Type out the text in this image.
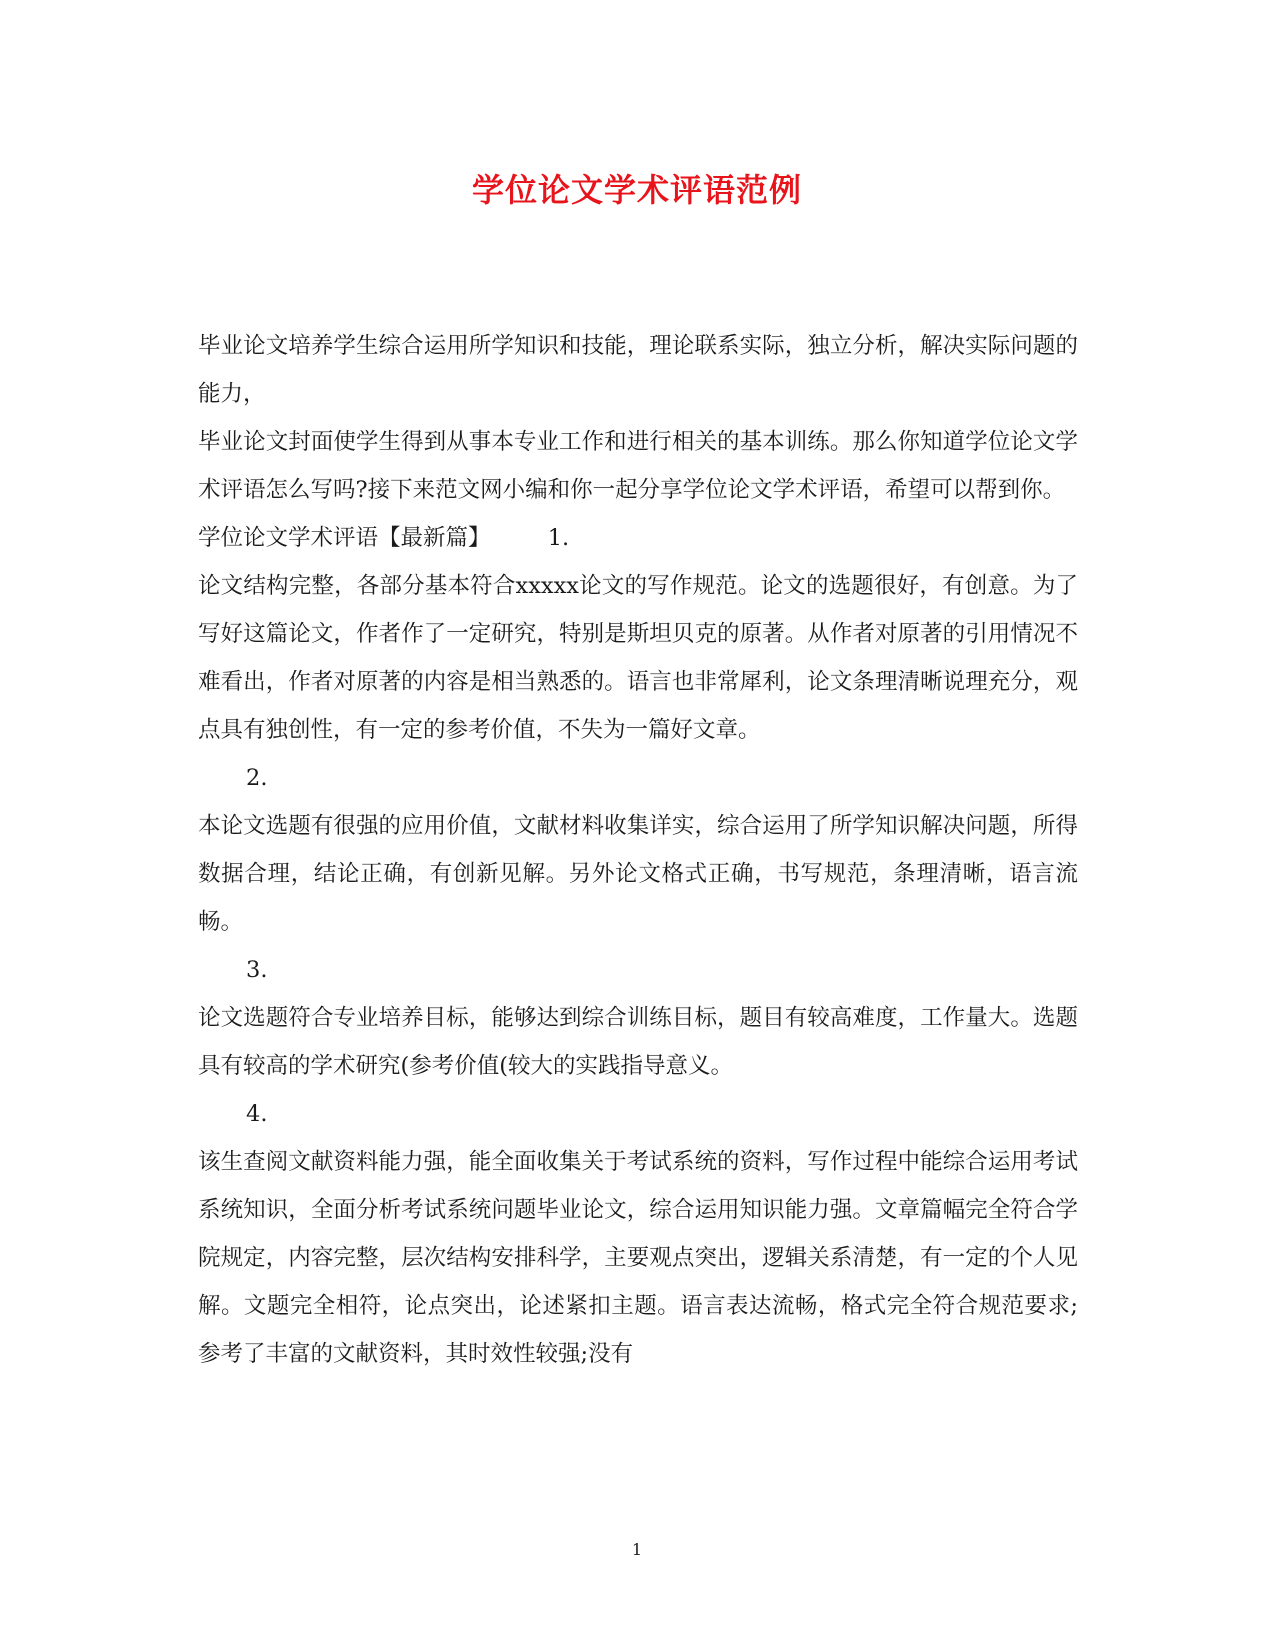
学位论文学术评语范例

毕业论文培养学生综合运用所学知识和技能，理论联系实际，独立分析，解决实际问题的能力，

毕业论文封面使学生得到从事本专业工作和进行相关的基本训练。那么你知道学位论文学术评语怎么写吗?接下来范文网小编和你一起分享学位论文学术评语，希望可以帮到你。

学位论文学术评语【最新篇】	1.

论文结构完整，各部分基本符合xxxxx论文的写作规范。论文的选题很好，有创意。为了写好这篇论文，作者作了一定研究，特别是斯坦贝克的原著。从作者对原著的引用情况不难看出，作者对原著的内容是相当熟悉的。语言也非常犀利，论文条理清晰说理充分，观点具有独创性，有一定的参考价值，不失为一篇好文章。

2.

本论文选题有很强的应用价值，文献材料收集详实，综合运用了所学知识解决问题，所得数据合理，结论正确，有创新见解。另外论文格式正确，书写规范，条理清晰，语言流畅。

3.

论文选题符合专业培养目标，能够达到综合训练目标，题目有较高难度，工作量大。选题具有较高的学术研究(参考价值(较大的实践指导意义。

4.

该生查阅文献资料能力强，能全面收集关于考试系统的资料，写作过程中能综合运用考试系统知识，全面分析考试系统问题毕业论文，综合运用知识能力强。文章篇幅完全符合学院规定，内容完整，层次结构安排科学，主要观点突出，逻辑关系清楚，有一定的个人见解。文题完全相符，论点突出，论述紧扣主题。语言表达流畅，格式完全符合规范要求;参考了丰富的文献资料，其时效性较强;没有

1
